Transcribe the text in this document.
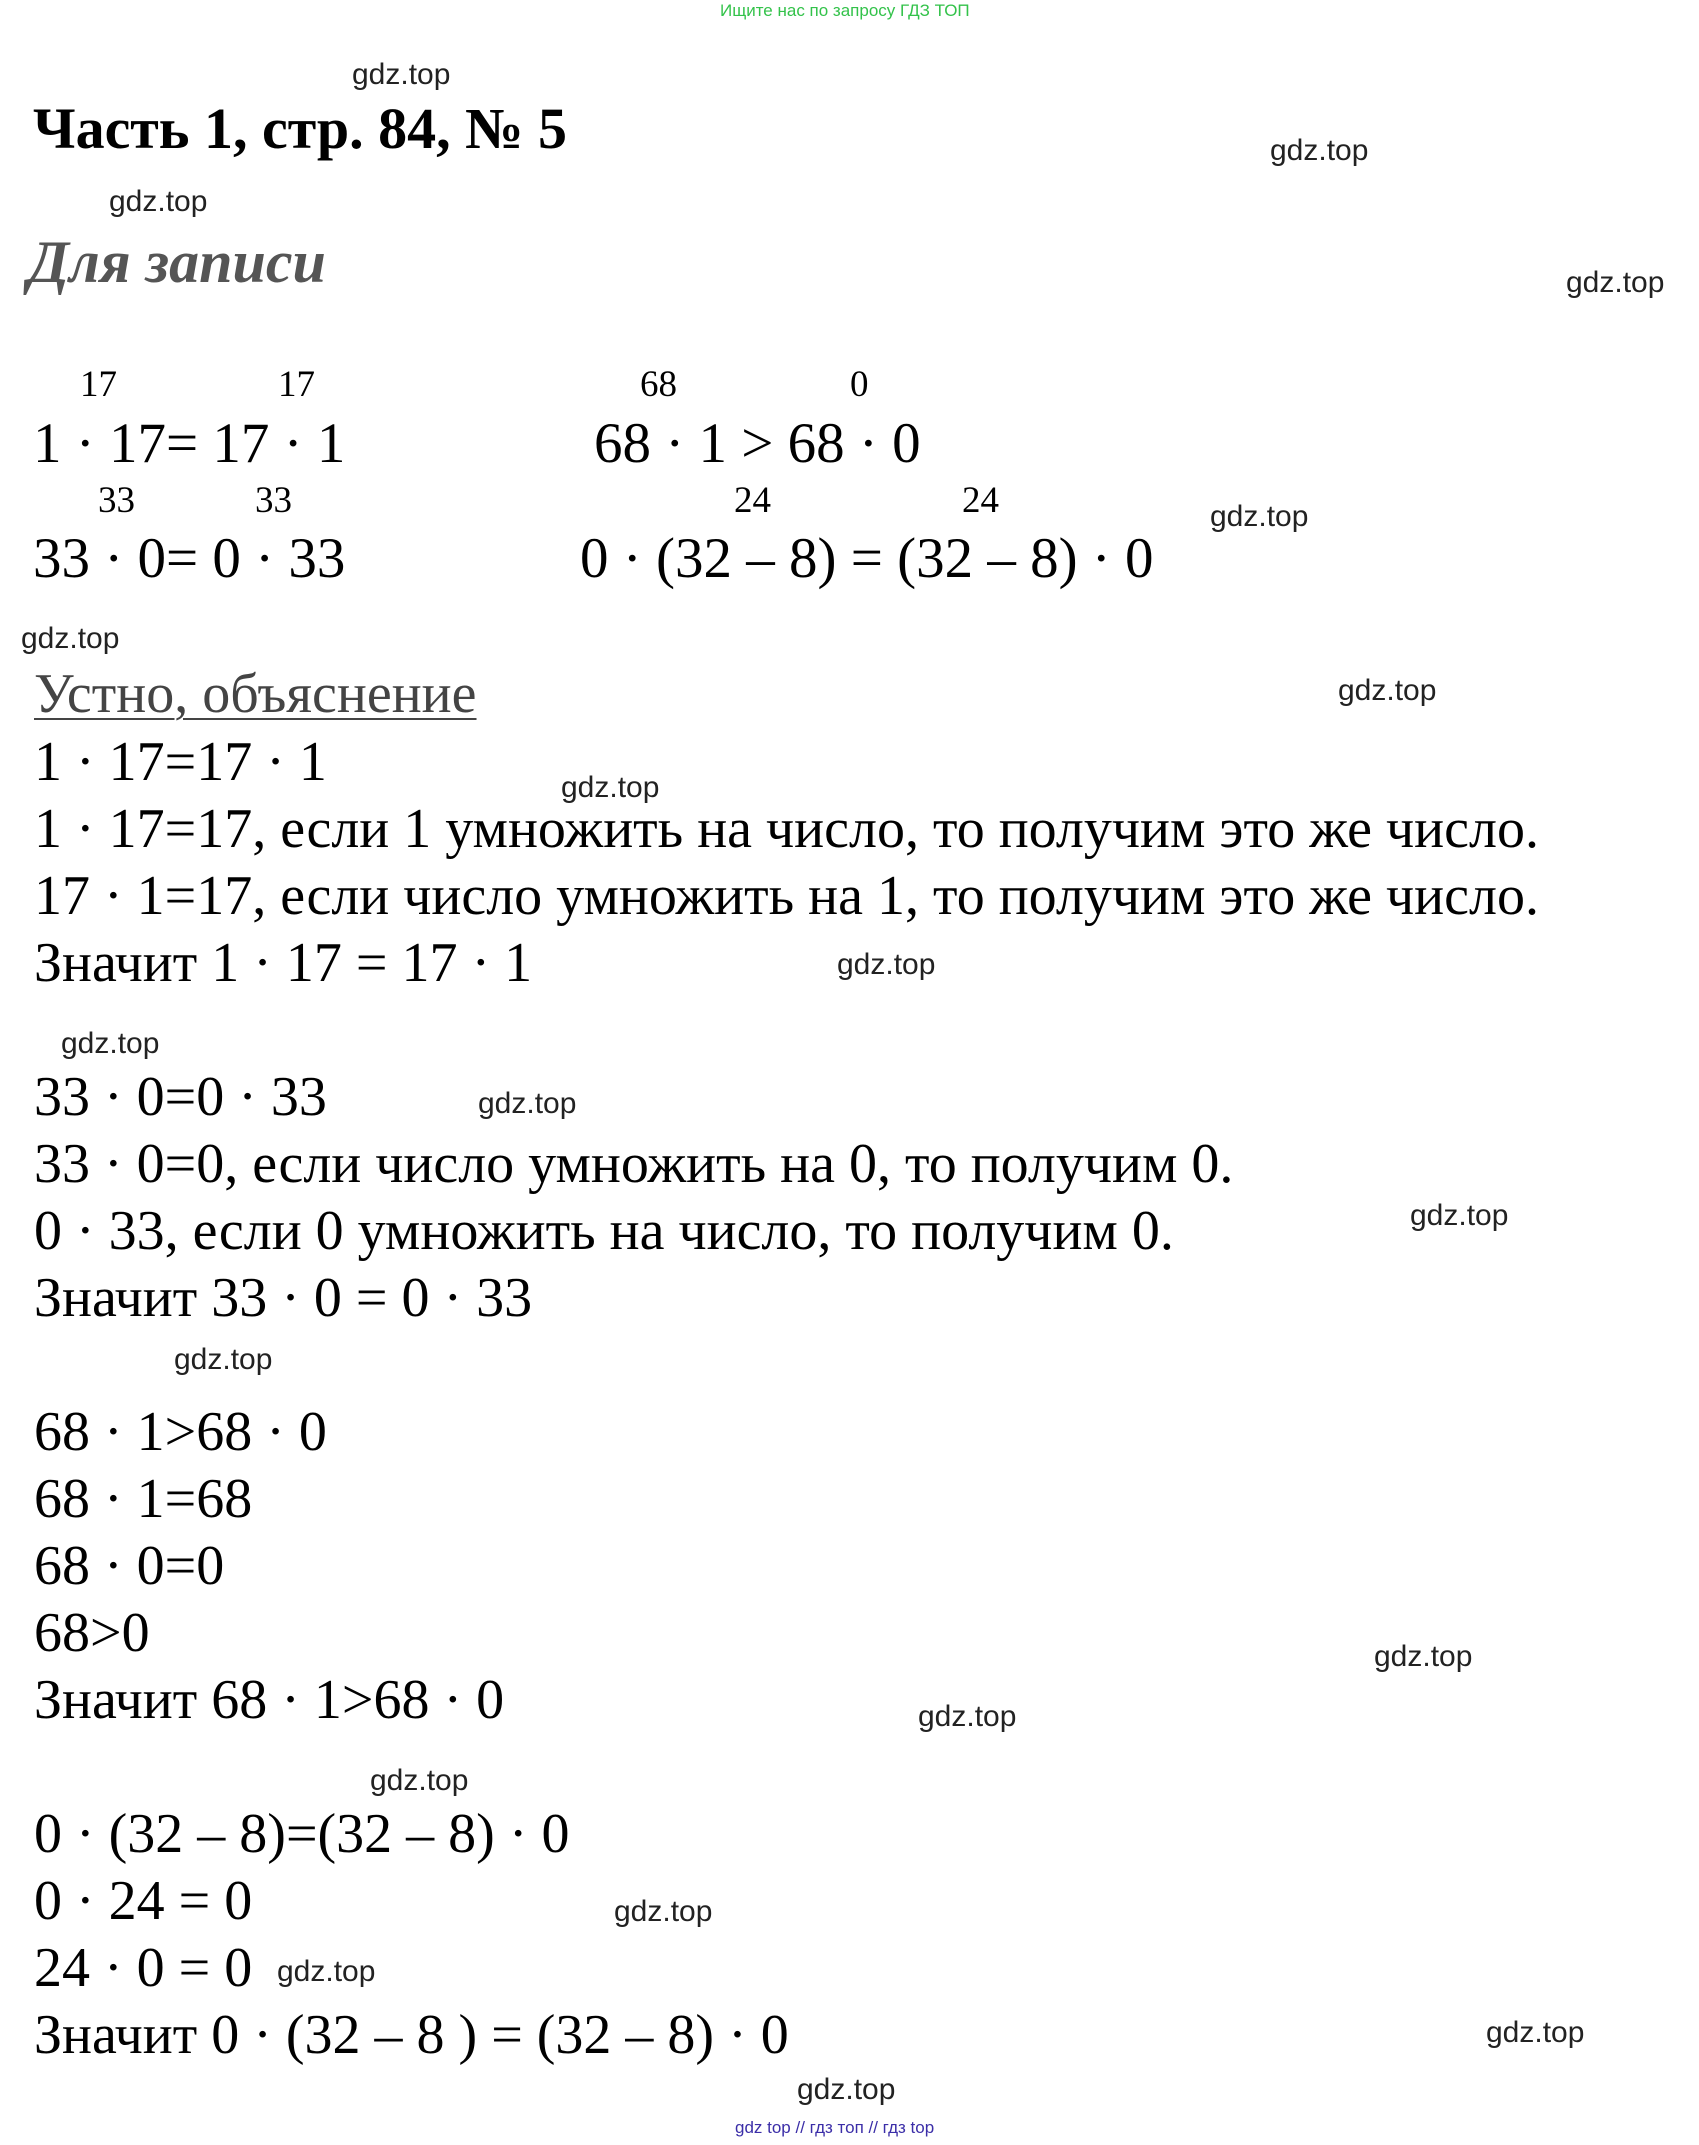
Ищите нас по запросу ГДЗ ТОП
Часть 1, стр. 84, № 5
Для записи
17	17
1 · 17= 17 · 1
68	0
68 · 1 > 68 · 0
33	33
33 · 0= 0 · 33
24	24
0 · (32 – 8) = (32 – 8) · 0
Устно, объяснение
1 · 17=17 · 1
1 · 17=17, если 1 умножить на число, то получим это же число.
17 · 1=17, если число умножить на 1, то получим это же число.
Значит 1 · 17 = 17 · 1
33 · 0=0 · 33
33 · 0=0, если число умножить на 0, то получим 0.
0 · 33, если 0 умножить на число, то получим 0.
Значит 33 · 0 = 0 · 33
68 · 1>68 · 0
68 · 1=68
68 · 0=0
68>0
Значит 68 · 1>68 · 0
0 · (32 – 8)=(32 – 8) · 0
0 · 24 = 0
24 · 0 = 0
Значит 0 · (32 – 8 ) = (32 – 8) · 0
gdz.top
gdz.top
gdz.top
gdz.top
gdz.top
gdz.top
gdz.top
gdz.top
gdz.top
gdz.top
gdz.top
gdz.top
gdz.top
gdz.top
gdz.top
gdz.top
gdz.top
gdz.top
gdz.top
gdz.top
gdz top // гдз топ // гдз top
